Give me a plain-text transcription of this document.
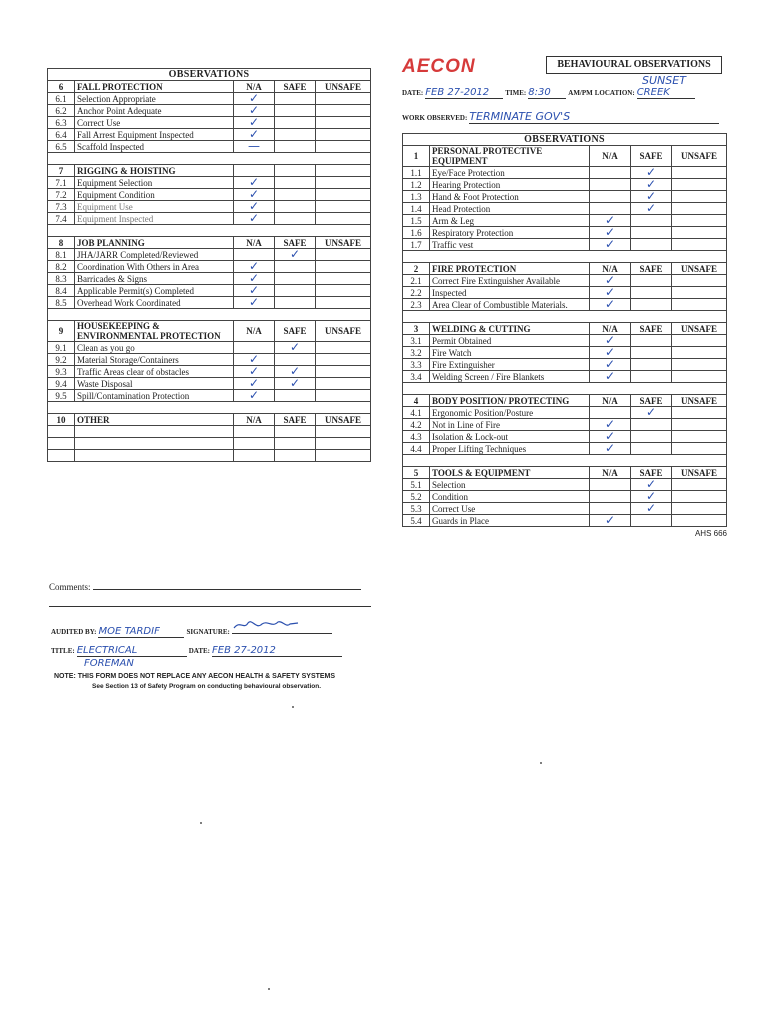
OBSERVATIONS				
6	FALL PROTECTION	N/A	SAFE	UNSAFE
6.1	Selection Appropriate	✓		
6.2	Anchor Point Adequate	✓		
6.3	Correct Use	✓		
6.4	Fall Arrest Equipment Inspected	✓		
6.5	Scaffold Inspected	—		

7	RIGGING & HOISTING			
7.1	Equipment Selection	✓		
7.2	Equipment Condition	✓		
7.3	Equipment Use	✓		
7.4	Equipment Inspected	✓		

8	JOB PLANNING	N/A	SAFE	UNSAFE
8.1	JHA/JARR Completed/Reviewed		✓	
8.2	Coordination With Others in Area	✓		
8.3	Barricades & Signs	✓		
8.4	Applicable Permit(s) Completed	✓		
8.5	Overhead Work Coordinated	✓		

9	HOUSEKEEPING & ENVIRONMENTAL PROTECTION	N/A	SAFE	UNSAFE
9.1	Clean as you go		✓	
9.2	Material Storage/Containers	✓		
9.3	Traffic Areas clear of obstacles	✓	✓	
9.4	Waste Disposal	✓	✓	
9.5	Spill/Contamination Protection	✓		

10	OTHER	N/A	SAFE	UNSAFE

Comments:
AUDITED BY: MOE TARDIF	SIGNATURE:
TITLE: ELECTRICAL	DATE: FEB 27-2012
FOREMAN
NOTE: THIS FORM DOES NOT REPLACE ANY AECON HEALTH & SAFETY SYSTEMS
See Section 13 of Safety Program on conducting behavioural observation.
AECON	BEHAVIOURAL OBSERVATIONS
SUNSET
DATE: FEB 27-2012 TIME: 8:30	AM/PM LOCATION: CREEK
WORK OBSERVED: TERMINATE GOV'S
OBSERVATIONS				
1	PERSONAL PROTECTIVE EQUIPMENT	N/A	SAFE	UNSAFE
1.1	Eye/Face Protection		✓	
1.2	Hearing Protection		✓	
1.3	Hand & Foot Protection		✓	
1.4	Head Protection		✓	
1.5	Arm & Leg	✓		
1.6	Respiratory Protection	✓		
1.7	Traffic vest	✓		

2	FIRE PROTECTION	N/A	SAFE	UNSAFE
2.1	Correct Fire Extinguisher Available	✓		
2.2	Inspected	✓		
2.3	Area Clear of Combustible Materials.	✓		

3	WELDING & CUTTING	N/A	SAFE	UNSAFE
3.1	Permit Obtained	✓		
3.2	Fire Watch	✓		
3.3	Fire Extinguisher	✓		
3.4	Welding Screen / Fire Blankets	✓		

4	BODY POSITION/ PROTECTING	N/A	SAFE	UNSAFE
4.1	Ergonomic Position/Posture		✓	
4.2	Not in Line of Fire	✓		
4.3	Isolation & Lock-out	✓		
4.4	Proper Lifting Techniques	✓		

5	TOOLS & EQUIPMENT	N/A	SAFE	UNSAFE
5.1	Selection		✓	
5.2	Condition		✓	
5.3	Correct Use		✓	
5.4	Guards in Place	✓		
AHS 666
